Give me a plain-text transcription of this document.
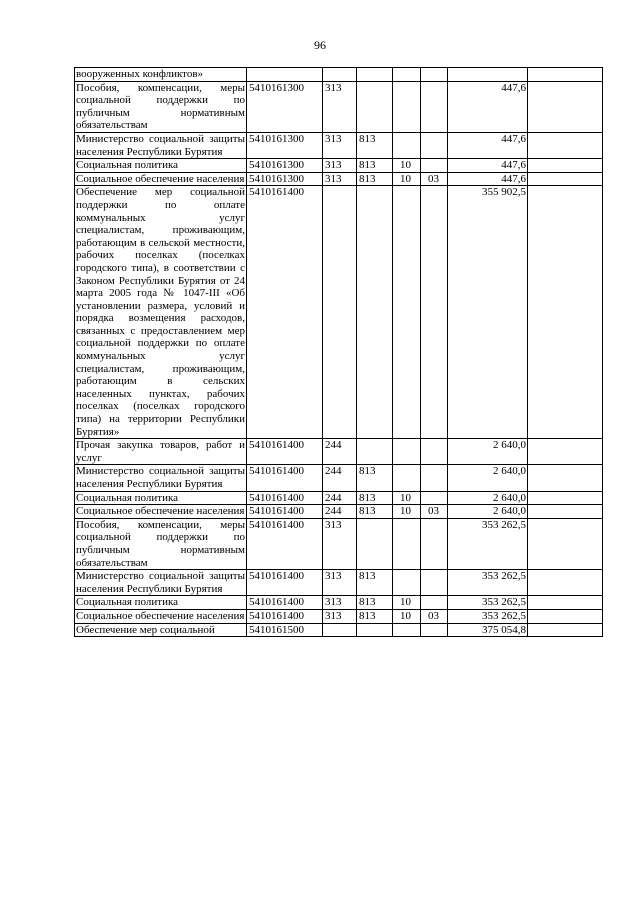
96
вооруженных конфликтов»							
Пособия, компенсации, меры социальной поддержки по публичным нормативным обязательствам	5410161300	313				447,6	
Министерство социальной защиты населения Республики Бурятия	5410161300	313	813			447,6	
Социальная политика	5410161300	313	813	10		447,6	
Социальное обеспечение населения	5410161300	313	813	10	03	447,6	
Обеспечение мер социальной поддержки по оплате коммунальных услуг специалистам, проживающим, работающим в сельской местности, рабочих поселках (поселках городского типа), в соответствии с Законом Республики Бурятия от 24 марта 2005 года № 1047-III «Об установлении размера, условий и порядка возмещения расходов, связанных с предоставлением мер социальной поддержки по оплате коммунальных услуг специалистам, проживающим, работающим в сельских населенных пунктах, рабочих поселках (поселках городского типа) на территории Республики Бурятия»	5410161400					355 902,5	
Прочая закупка товаров, работ и услуг	5410161400	244				2 640,0	
Министерство социальной защиты населения Республики Бурятия	5410161400	244	813			2 640,0	
Социальная политика	5410161400	244	813	10		2 640,0	
Социальное обеспечение населения	5410161400	244	813	10	03	2 640,0	
Пособия, компенсации, меры социальной поддержки по публичным нормативным обязательствам	5410161400	313				353 262,5	
Министерство социальной защиты населения Республики Бурятия	5410161400	313	813			353 262,5	
Социальная политика	5410161400	313	813	10		353 262,5	
Социальное обеспечение населения	5410161400	313	813	10	03	353 262,5	
Обеспечение мер социальной	5410161500					375 054,8	
